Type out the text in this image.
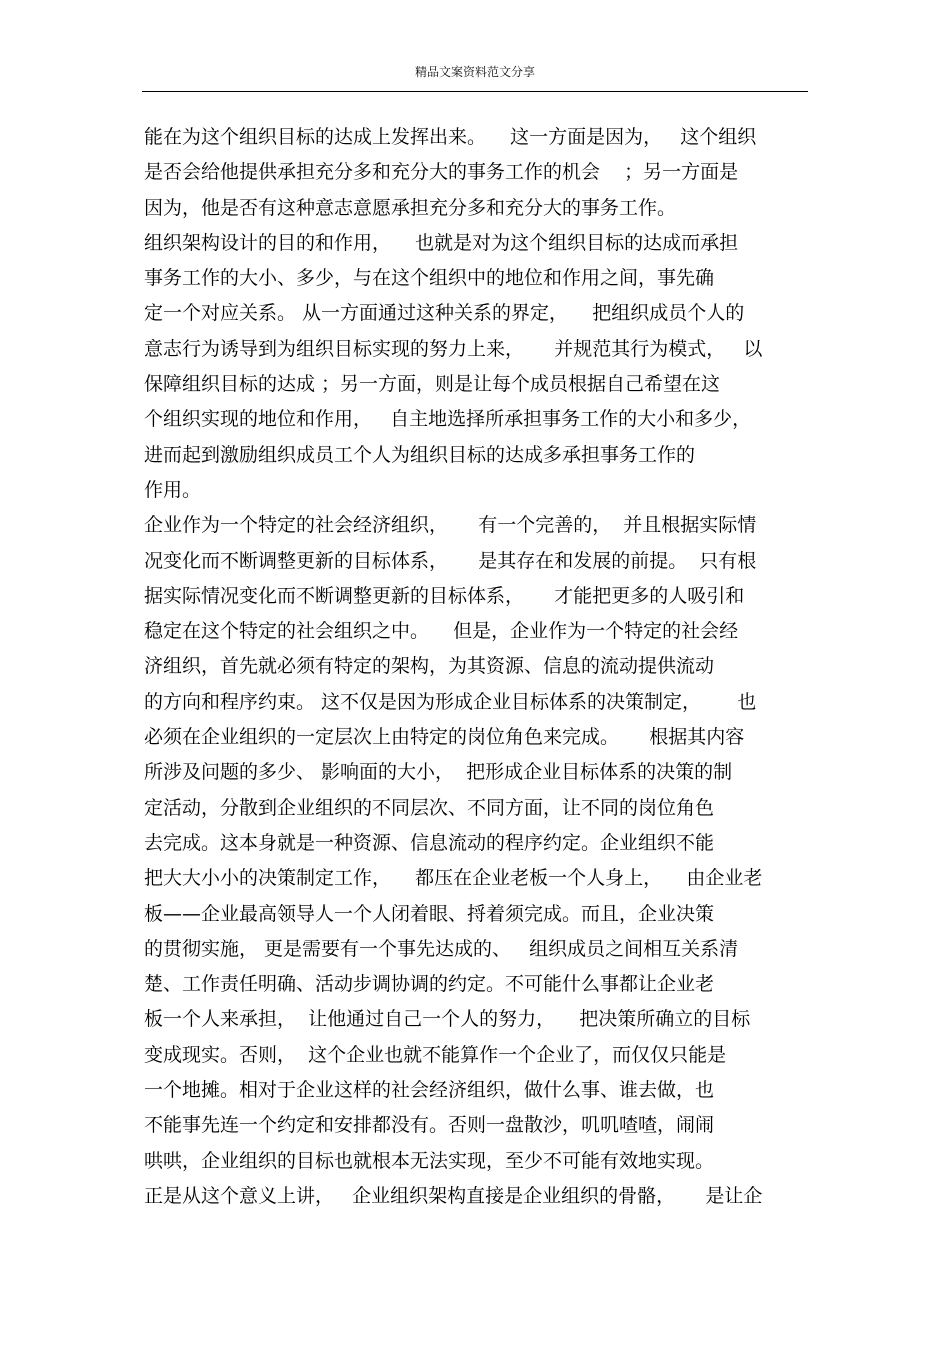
精品文案资料范文分享
能在为这个组织目标的达成上发挥出来。    这一方面是因为，   这个组织
是否会给他提供承担充分多和充分大的事务工作的机会    ；另一方面是
因为，他是否有这种意志意愿承担充分多和充分大的事务工作。
组织架构设计的目的和作用，    也就是对为这个组织目标的达成而承担
事务工作的大小、多少，与在这个组织中的地位和作用之间，事先确
定一个对应关系。 从一方面通过这种关系的界定，    把组织成员个人的
意志行为诱导到为组织目标实现的努力上来，     并规范其行为模式，   以
保障组织目标的达成 ；另一方面，则是让每个成员根据自己希望在这
个组织实现的地位和作用，   自主地选择所承担事务工作的大小和多少，
进而起到激励组织成员工个人为组织目标的达成多承担事务工作的
作用。
企业作为一个特定的社会经济组织，     有一个完善的，  并且根据实际情
况变化而不断调整更新的目标体系，     是其存在和发展的前提。  只有根
据实际情况变化而不断调整更新的目标体系，     才能把更多的人吸引和
稳定在这个特定的社会组织之中。    但是，企业作为一个特定的社会经
济组织，首先就必须有特定的架构，为其资源、信息的流动提供流动
的方向和程序约束。 这不仅是因为形成企业目标体系的决策制定，      也
必须在企业组织的一定层次上由特定的岗位角色来完成。     根据其内容
所涉及问题的多少、 影响面的大小，  把形成企业目标体系的决策的制
定活动，分散到企业组织的不同层次、不同方面，让不同的岗位角色
去完成。这本身就是一种资源、信息流动的程序约定。企业组织不能
把大大小小的决策制定工作，    都压在企业老板一个人身上，    由企业老
板——企业最高领导人一个人闭着眼、捋着须完成。而且，企业决策
的贯彻实施， 更是需要有一个事先达成的、   组织成员之间相互关系清
楚、工作责任明确、活动步调协调的约定。不可能什么事都让企业老
板一个人来承担，  让他通过自己一个人的努力，    把决策所确立的目标
变成现实。否则，  这个企业也就不能算作一个企业了，而仅仅只能是
一个地摊。相对于企业这样的社会经济组织，做什么事、谁去做，也
不能事先连一个约定和安排都没有。否则一盘散沙，叽叽喳喳，闹闹
哄哄，企业组织的目标也就根本无法实现，至少不可能有效地实现。
正是从这个意义上讲，   企业组织架构直接是企业组织的骨骼，     是让企
